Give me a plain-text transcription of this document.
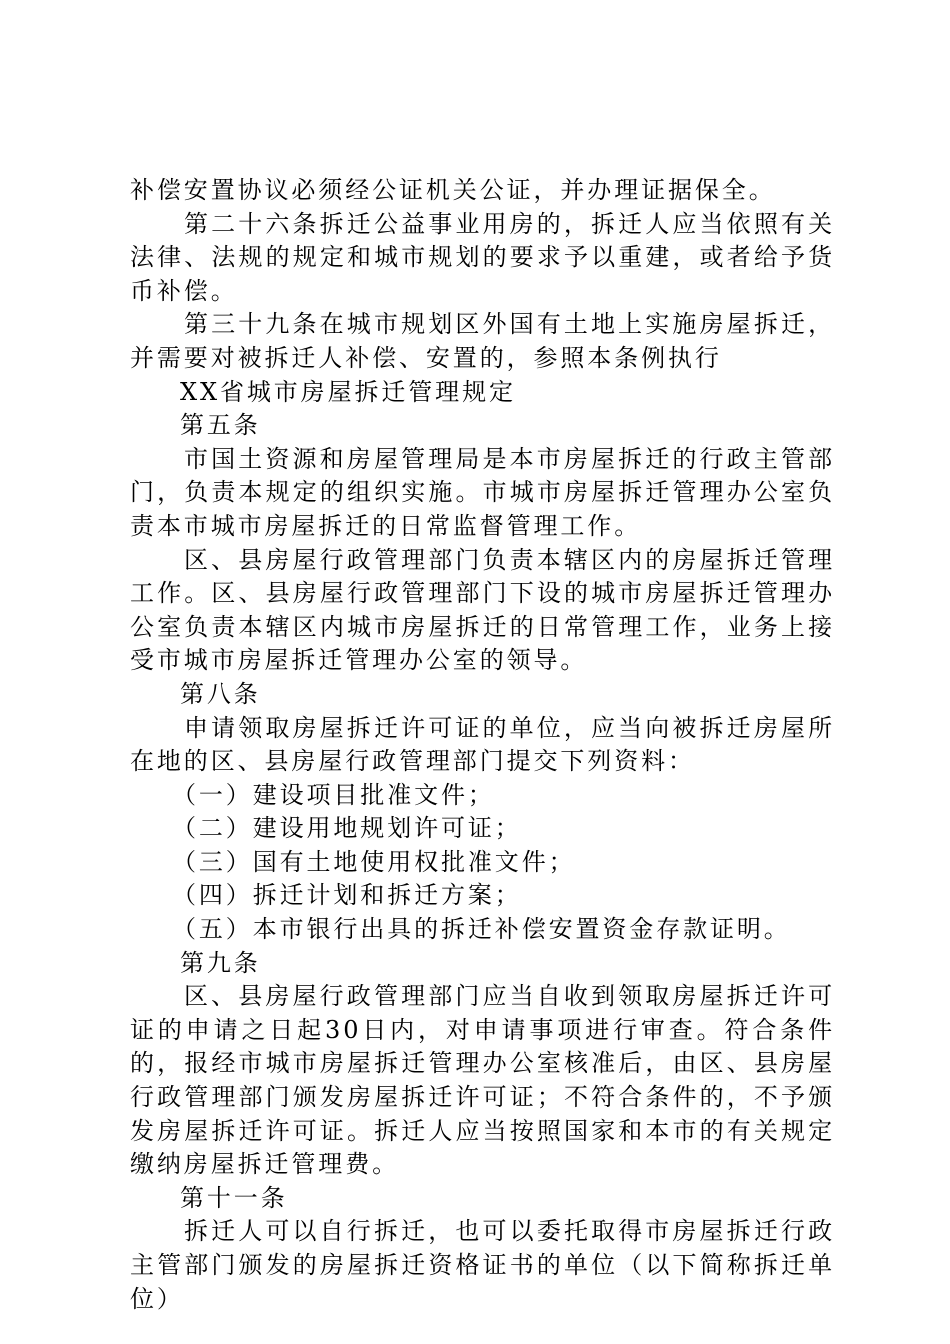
补偿安置协议必须经公证机关公证，并办理证据保全。

第二十六条拆迁公益事业用房的，拆迁人应当依照有关法律、法规的规定和城市规划的要求予以重建，或者给予货币补偿。

第三十九条在城市规划区外国有土地上实施房屋拆迁，并需要对被拆迁人补偿、安置的，参照本条例执行

XX省城市房屋拆迁管理规定

第五条

市国土资源和房屋管理局是本市房屋拆迁的行政主管部门，负责本规定的组织实施。市城市房屋拆迁管理办公室负责本市城市房屋拆迁的日常监督管理工作。

区、县房屋行政管理部门负责本辖区内的房屋拆迁管理工作。区、县房屋行政管理部门下设的城市房屋拆迁管理办公室负责本辖区内城市房屋拆迁的日常管理工作，业务上接受市城市房屋拆迁管理办公室的领导。

第八条

申请领取房屋拆迁许可证的单位，应当向被拆迁房屋所在地的区、县房屋行政管理部门提交下列资料：

（一）建设项目批准文件；

（二）建设用地规划许可证；

（三）国有土地使用权批准文件；

（四）拆迁计划和拆迁方案；

（五）本市银行出具的拆迁补偿安置资金存款证明。

第九条

区、县房屋行政管理部门应当自收到领取房屋拆迁许可证的申请之日起30日内，对申请事项进行审查。符合条件的，报经市城市房屋拆迁管理办公室核准后，由区、县房屋行政管理部门颁发房屋拆迁许可证；不符合条件的，不予颁发房屋拆迁许可证。拆迁人应当按照国家和本市的有关规定缴纳房屋拆迁管理费。

第十一条

拆迁人可以自行拆迁，也可以委托取得市房屋拆迁行政主管部门颁发的房屋拆迁资格证书的单位（以下简称拆迁单位）
